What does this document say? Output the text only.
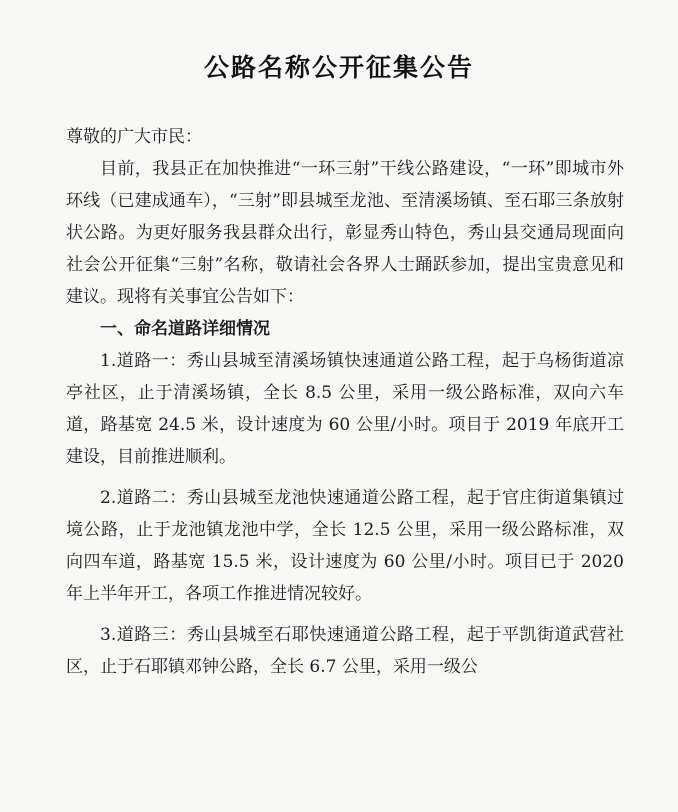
公路名称公开征集公告

尊敬的广大市民：

目前，我县正在加快推进“一环三射”干线公路建设，“一环”即城市外环线（已建成通车），“三射”即县城至龙池、至清溪场镇、至石耶三条放射状公路。为更好服务我县群众出行，彰显秀山特色，秀山县交通局现面向社会公开征集“三射”名称，敬请社会各界人士踊跃参加，提出宝贵意见和建议。现将有关事宜公告如下：

一、命名道路详细情况

1.道路一：秀山县城至清溪场镇快速通道公路工程，起于乌杨街道凉亭社区，止于清溪场镇，全长 8.5 公里，采用一级公路标准，双向六车道，路基宽 24.5 米，设计速度为 60 公里/小时。项目于 2019 年底开工建设，目前推进顺利。

2.道路二：秀山县城至龙池快速通道公路工程，起于官庄街道集镇过境公路，止于龙池镇龙池中学，全长 12.5 公里，采用一级公路标准，双向四车道，路基宽 15.5 米，设计速度为 60 公里/小时。项目已于 2020 年上半年开工，各项工作推进情况较好。

3.道路三：秀山县城至石耶快速通道公路工程，起于平凯街道武营社区，止于石耶镇邓钟公路，全长 6.7 公里，采用一级公
